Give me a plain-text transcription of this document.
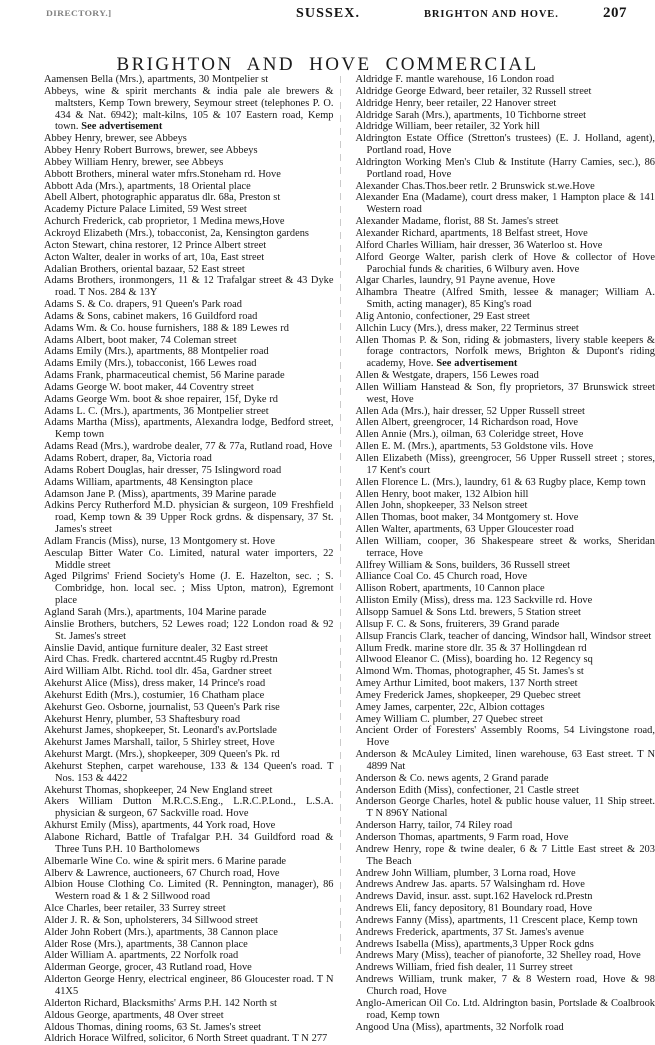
DIRECTORY.]	SUSSEX.	BRIGHTON AND HOVE.	207
BRIGHTON AND HOVE COMMERCIAL

Aamensen Bella (Mrs.), apartments, 30 Montpelier st

Abbeys, wine & spirit merchants & india pale ale brewers & maltsters, Kemp Town brewery, Seymour street (telephones P. O. 434 & Nat. 6942); malt-kilns, 105 & 107 Eastern road, Kemp town. See advertisement

Abbey Henry, brewer, see Abbeys

Abbey Henry Robert Burrows, brewer, see Abbeys

Abbey William Henry, brewer, see Abbeys

Abbott Brothers, mineral water mfrs.Stoneham rd. Hove

Abbott Ada (Mrs.), apartments, 18 Oriental place

Abell Albert, photographic apparatus dlr. 68a, Preston st

Academy Picture Palace Limited, 59 West street

Achurch Frederick, cab proprietor, 1 Medina mews,Hove

Ackroyd Elizabeth (Mrs.), tobacconist, 2a, Kensington gardens

Acton Stewart, china restorer, 12 Prince Albert street

Acton Walter, dealer in works of art, 10a, East street

Adalian Brothers, oriental bazaar, 52 East street

Adams Brothers, ironmongers, 11 & 12 Trafalgar street & 43 Dyke road. T Nos. 284 & 13Y

Adams S. & Co. drapers, 91 Queen's Park road

Adams & Sons, cabinet makers, 16 Guildford road

Adams Wm. & Co. house furnishers, 188 & 189 Lewes rd

Adams Albert, boot maker, 74 Coleman street

Adams Emily (Mrs.), apartments, 88 Montpelier road

Adams Emily (Mrs.), tobacconist, 166 Lewes road

Adams Frank, pharmaceutical chemist, 56 Marine parade

Adams George W. boot maker, 44 Coventry street

Adams George Wm. boot & shoe repairer, 15f, Dyke rd

Adams L. C. (Mrs.), apartments, 36 Montpelier street

Adams Martha (Miss), apartments, Alexandra lodge, Bedford street, Kemp town

Adams Read (Mrs.), wardrobe dealer, 77 & 77a, Rutland road, Hove

Adams Robert, draper, 8a, Victoria road

Adams Robert Douglas, hair dresser, 75 Islingword road

Adams William, apartments, 48 Kensington place

Adamson Jane P. (Miss), apartments, 39 Marine parade

Adkins Percy Rutherford M.D. physician & surgeon, 109 Freshfield road, Kemp town & 39 Upper Rock grdns. & dispensary, 37 St. James's street

Adlam Francis (Miss), nurse, 13 Montgomery st. Hove

Aesculap Bitter Water Co. Limited, natural water importers, 22 Middle street

Aged Pilgrims' Friend Society's Home (J. E. Hazelton, sec. ; S. Combridge, hon. local sec. ; Miss Upton, matron), Egremont place

Agland Sarah (Mrs.), apartments, 104 Marine parade

Ainslie Brothers, butchers, 52 Lewes road; 122 London road & 92 St. James's street

Ainslie David, antique furniture dealer, 32 East street

Aird Chas. Fredk. chartered accntnt.45 Rugby rd.Prestn

Aird William Albt. Richd. tool dlr. 45a, Gardner street

Akehurst Alice (Miss), dress maker, 14 Prince's road

Akehurst Edith (Mrs.), costumier, 16 Chatham place

Akehurst Geo. Osborne, journalist, 53 Queen's Park rise

Akehurst Henry, plumber, 53 Shaftesbury road

Akehurst James, shopkeeper, St. Leonard's av.Portslade

Akehurst James Marshall, tailor, 5 Shirley street, Hove

Akehurst Margt. (Mrs.), shopkeeper, 309 Queen's Pk. rd

Akehurst Stephen, carpet warehouse, 133 & 134 Queen's road. T Nos. 153 & 4422

Akehurst Thomas, shopkeeper, 24 New England street

Akers William Dutton M.R.C.S.Eng., L.R.C.P.Lond., L.S.A. physician & surgeon, 67 Sackville road. Hove

Akhurst Emily (Miss), apartments, 44 York road, Hove

Alabone Richard, Battle of Trafalgar P.H. 34 Guildford road & Three Tuns P.H. 10 Bartholomews

Albemarle Wine Co. wine & spirit mers. 6 Marine parade

Alberv & Lawrence, auctioneers, 67 Church road, Hove

Albion House Clothing Co. Limited (R. Pennington, manager), 86 Western road & 1 & 2 Sillwood road

Alce Charles, beer retailer, 33 Surrey street

Alder J. R. & Son, upholsterers, 34 Sillwood street

Alder John Robert (Mrs.), apartments, 38 Cannon place

Alder Rose (Mrs.), apartments, 38 Cannon place

Alder William A. apartments, 22 Norfolk road

Alderman George, grocer, 43 Rutland road, Hove

Alderton George Henry, electrical engineer, 86 Gloucester road. T N 41X5

Alderton Richard, Blacksmiths' Arms P.H. 142 North st

Aldous George, apartments, 48 Over street

Aldous Thomas, dining rooms, 63 St. James's street

Aldrich Horace Wilfred, solicitor, 6 North Street quadrant. T N 277

Aldridge F. mantle warehouse, 16 London road

Aldridge George Edward, beer retailer, 32 Russell street

Aldridge Henry, beer retailer, 22 Hanover street

Aldridge Sarah (Mrs.), apartments, 10 Tichborne street

Aldridge William, beer retailer, 32 York hill

Aldrington Estate Office (Stretton's trustees) (E. J. Holland, agent), Portland road, Hove

Aldrington Working Men's Club & Institute (Harry Camies, sec.), 86 Portland road, Hove

Alexander Chas.Thos.beer retlr. 2 Brunswick st.we.Hove

Alexander Ena (Madame), court dress maker, 1 Hampton place & 141 Western road

Alexander Madame, florist, 88 St. James's street

Alexander Richard, apartments, 18 Belfast street, Hove

Alford Charles William, hair dresser, 36 Waterloo st. Hove

Alford George Walter, parish clerk of Hove & collector of Hove Parochial funds & charities, 6 Wilbury aven. Hove

Algar Charles, laundry, 91 Payne avenue, Hove

Alhambra Theatre (Alfred Smith, lessee & manager; William A. Smith, acting manager), 85 King's road

Alig Antonio, confectioner, 29 East street

Allchin Lucy (Mrs.), dress maker, 22 Terminus street

Allen Thomas P. & Son, riding & jobmasters, livery stable keepers & forage contractors, Norfolk mews, Brighton & Dupont's riding academy, Hove. See advertisement

Allen & Westgate, drapers, 156 Lewes road

Allen William Hanstead & Son, fly proprietors, 37 Brunswick street west, Hove

Allen Ada (Mrs.), hair dresser, 52 Upper Russell street

Allen Albert, greengrocer, 14 Richardson road, Hove

Allen Annie (Mrs.), oilman, 63 Coleridge street, Hove

Allen E. M. (Mrs.), apartments, 53 Goldstone vils. Hove

Allen Elizabeth (Miss), greengrocer, 56 Upper Russell street ; stores, 17 Kent's court

Allen Florence L. (Mrs.), laundry, 61 & 63 Rugby place, Kemp town

Allen Henry, boot maker, 132 Albion hill

Allen John, shopkeeper, 33 Nelson street

Allen Thomas, boot maker, 34 Montgomery st. Hove

Allen Walter, apartments, 63 Upper Gloucester road

Allen William, cooper, 36 Shakespeare street & works, Sheridan terrace, Hove

Allfrey William & Sons, builders, 36 Russell street

Alliance Coal Co. 45 Church road, Hove

Allison Robert, apartments, 10 Cannon place

Alliston Emily (Miss), dress ma. 123 Sackville rd. Hove

Allsopp Samuel & Sons Ltd. brewers, 5 Station street

Allsup F. C. & Sons, fruiterers, 39 Grand parade

Allsup Francis Clark, teacher of dancing, Windsor hall, Windsor street

Allum Fredk. marine store dlr. 35 & 37 Hollingdean rd

Allwood Eleanor C. (Miss), boarding ho. 12 Regency sq

Almond Wm. Thomas, photographer, 45 St. James's st

Amey Arthur Limited, boot makers, 137 North street

Amey Frederick James, shopkeeper, 29 Quebec street

Amey James, carpenter, 22c, Albion cottages

Amey William C. plumber, 27 Quebec street

Ancient Order of Foresters' Assembly Rooms, 54 Livingstone road, Hove

Anderson & McAuley Limited, linen warehouse, 63 East street. T N 4899 Nat

Anderson & Co. news agents, 2 Grand parade

Anderson Edith (Miss), confectioner, 21 Castle street

Anderson George Charles, hotel & public house valuer, 11 Ship street. T N 896Y National

Anderson Harry, tailor, 74 Riley road

Anderson Thomas, apartments, 9 Farm road, Hove

Andrew Henry, rope & twine dealer, 6 & 7 Little East street & 203 The Beach

Andrew John William, plumber, 3 Lorna road, Hove

Andrews Andrew Jas. aparts. 57 Walsingham rd. Hove

Andrews David, insur. asst. supt.162 Havelock rd.Prestn

Andrews Eli, fancy depository, 81 Boundary road, Hove

Andrews Fanny (Miss), apartments, 11 Crescent place, Kemp town

Andrews Frederick, apartments, 37 St. James's avenue

Andrews Isabella (Miss), apartments,3 Upper Rock gdns

Andrews Mary (Miss), teacher of pianoforte, 32 Shelley road, Hove

Andrews William, fried fish dealer, 11 Surrey street

Andrews William, trunk maker, 7 & 8 Western road, Hove & 98 Church road, Hove

Anglo-American Oil Co. Ltd. Aldrington basin, Portslade & Coalbrook road, Kemp town

Angood Una (Miss), apartments, 32 Norfolk road
